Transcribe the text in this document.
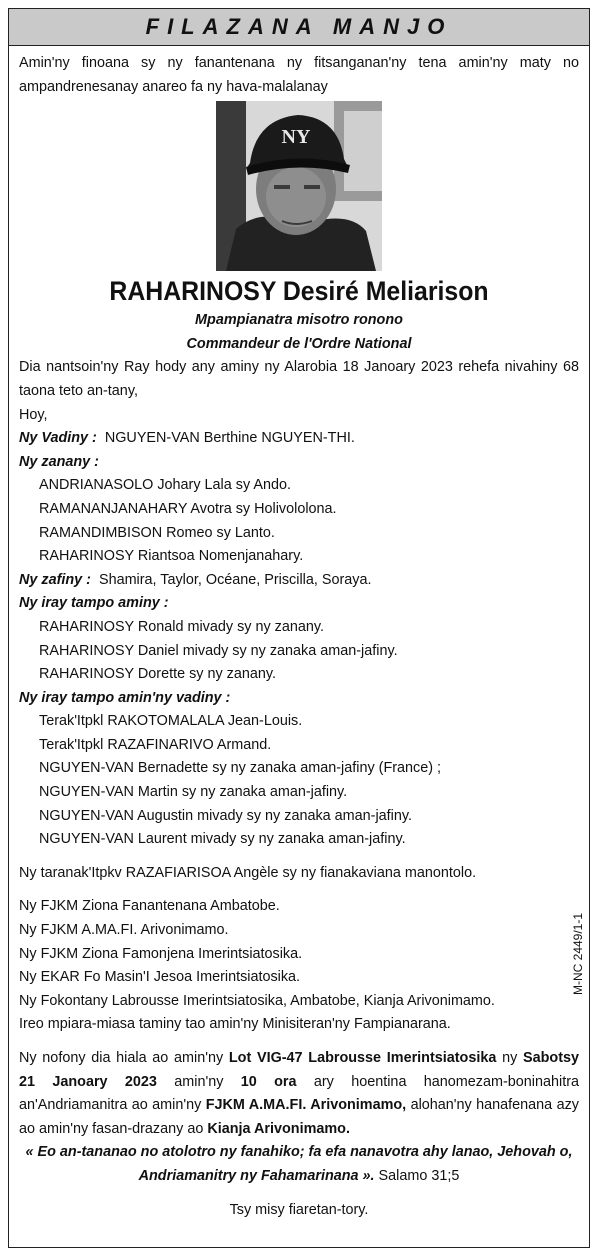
FILAZANA MANJO

Amin'ny finoana sy ny fanantenana ny fitsanganan'ny tena amin'ny maty no ampandrenesanay anareo fa ny hava-malalanay

NY

RAHARINOSY Desiré Meliarison

Mpampianatra misotro ronono

Commandeur de l'Ordre National

Dia nantsoin'ny Ray hody any aminy ny Alarobia 18 Janoary 2023 rehefa nivahiny 68 taona teto an-tany,

Hoy,

Ny Vadiny : NGUYEN-VAN Berthine NGUYEN-THI.

Ny zanany :

ANDRIANASOLO Johary Lala sy Ando.

RAMANANJANAHARY Avotra sy Holivololona.

RAMANDIMBISON Romeo sy Lanto.

RAHARINOSY Riantsoa Nomenjanahary.

Ny zafiny : Shamira, Taylor, Océane, Priscilla, Soraya.

Ny iray tampo aminy :

RAHARINOSY Ronald mivady sy ny zanany.

RAHARINOSY Daniel mivady sy ny zanaka aman-jafiny.

RAHARINOSY Dorette sy ny zanany.

Ny iray tampo amin'ny vadiny :

Terak'Itpkl RAKOTOMALALA Jean-Louis.

Terak'Itpkl RAZAFINARIVO Armand.

NGUYEN-VAN Bernadette sy ny zanaka aman-jafiny (France) ;

NGUYEN-VAN Martin sy ny zanaka aman-jafiny.

NGUYEN-VAN Augustin mivady sy ny zanaka aman-jafiny.

NGUYEN-VAN Laurent mivady sy ny zanaka aman-jafiny.

Ny taranak'Itpkv RAZAFIARISOA Angèle sy ny fianakaviana manontolo.

Ny FJKM Ziona Fanantenana Ambatobe.

Ny FJKM A.MA.FI. Arivonimamo.

Ny FJKM Ziona Famonjena Imerintsiatosika.

Ny EKAR Fo Masin'I Jesoa Imerintsiatosika.

Ny Fokontany Labrousse Imerintsiatosika, Ambatobe, Kianja Arivonimamo.

Ireo mpiara-miasa taminy tao amin'ny Minisiteran'ny Fampianarana.

Ny nofony dia hiala ao amin'ny Lot VIG-47 Labrousse Imerintsiatosika ny Sabotsy 21 Janoary 2023 amin'ny 10 ora ary hoentina hanomezam-boninahitra an'Andriamanitra ao amin'ny FJKM A.MA.FI. Arivonimamo, alohan'ny hanafenana azy ao amin'ny fasan-drazany ao Kianja Arivonimamo.

« Eo an-tananao no atolotro ny fanahiko; fa efa nanavotra ahy lanao, Jehovah o, Andriamanitry ny Fahamarinana ». Salamo 31;5

Tsy misy fiaretan-tory.

M-NC 2449/1-1
